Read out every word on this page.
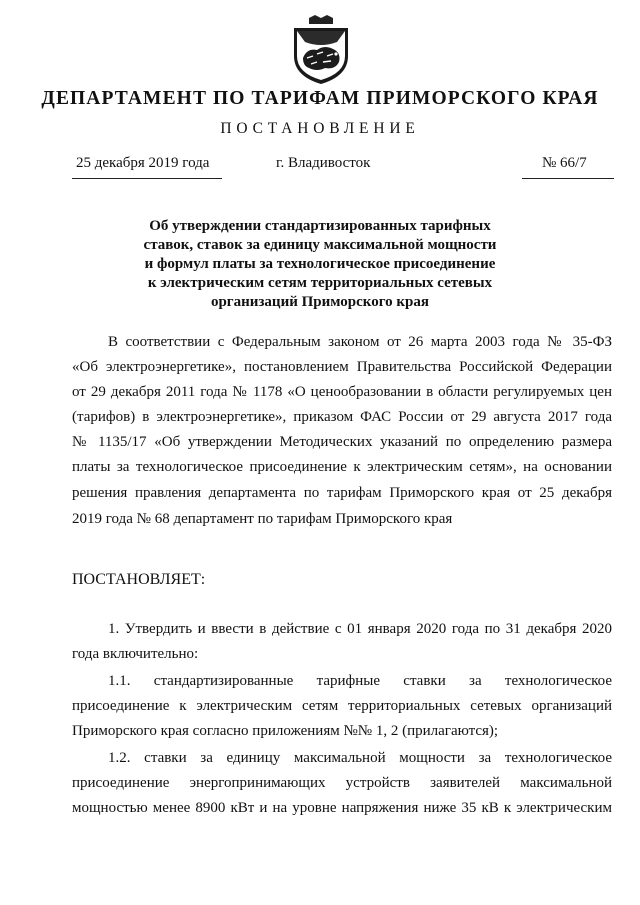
ДЕПАРТАМЕНТ ПО ТАРИФАМ ПРИМОРСКОГО КРАЯ
ПОСТАНОВЛЕНИЕ
25 декабря 2019 года	г. Владивосток	№ 66/7
Об утверждении стандартизированных тарифных
ставок, ставок за единицу максимальной мощности
и формул платы за технологическое присоединение
к электрическим сетям территориальных сетевых
организаций Приморского края
В соответствии с Федеральным законом от 26 марта 2003 года № 35-ФЗ
«Об электроэнергетике», постановлением Правительства Российской Федерации
от 29 декабря 2011 года № 1178 «О ценообразовании в области регулируемых цен
(тарифов) в электроэнергетике», приказом ФАС России от 29 августа 2017 года
№ 1135/17 «Об утверждении Методических указаний по определению размера
платы за технологическое присоединение к электрическим сетям», на основании
решения правления департамента по тарифам Приморского края от 25 декабря
2019 года № 68 департамент по тарифам Приморского края
ПОСТАНОВЛЯЕТ:
1. Утвердить и ввести в действие с 01 января 2020 года по 31 декабря 2020
года включительно:
1.1. стандартизированные тарифные ставки за технологическое
присоединение к электрическим сетям территориальных сетевых организаций
Приморского края согласно приложениям №№ 1, 2 (прилагаются);
1.2. ставки за единицу максимальной мощности за технологическое
присоединение энергопринимающих устройств заявителей максимальной
мощностью менее 8900 кВт и на уровне напряжения ниже 35 кВ к электрическим
